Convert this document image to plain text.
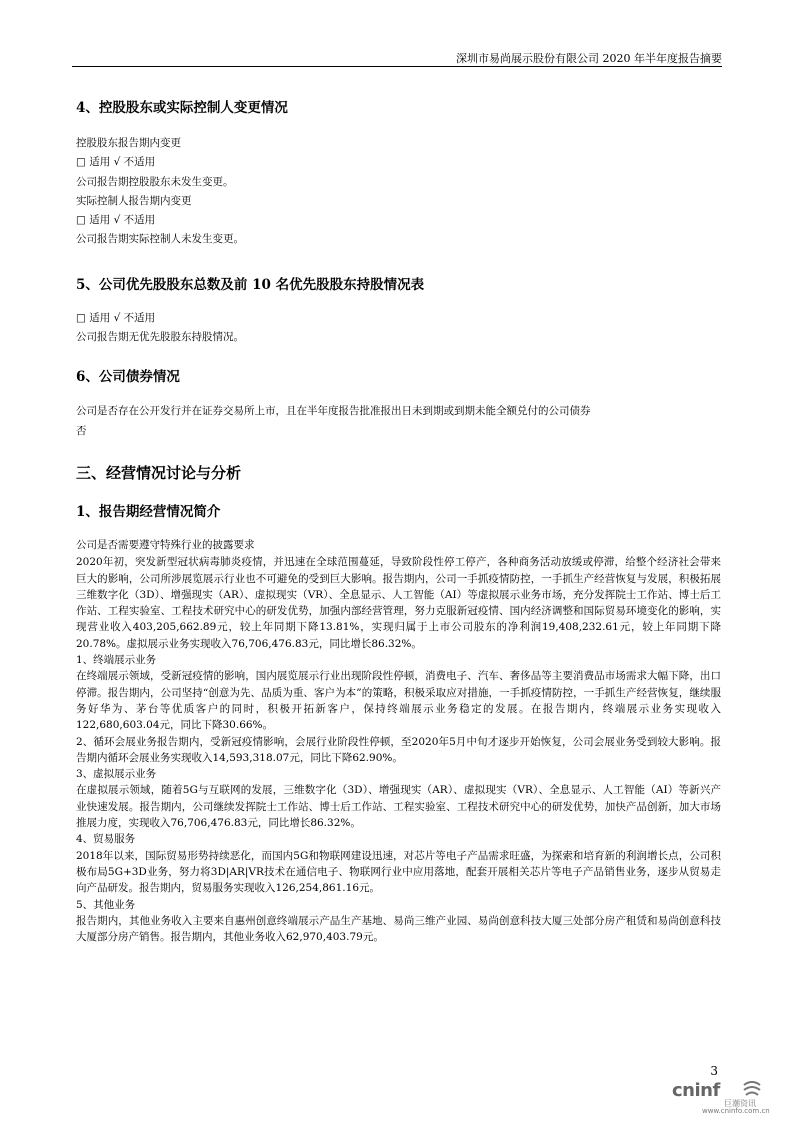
深圳市易尚展示股份有限公司 2020 年半年度报告摘要
4、控股股东或实际控制人变更情况
控股股东报告期内变更
□ 适用 √ 不适用
公司报告期控股股东未发生变更。
实际控制人报告期内变更
□ 适用 √ 不适用
公司报告期实际控制人未发生变更。
5、公司优先股股东总数及前 10 名优先股股东持股情况表
□ 适用 √ 不适用
公司报告期无优先股股东持股情况。
6、公司债券情况
公司是否存在公开发行并在证券交易所上市，且在半年度报告批准报出日未到期或到期未能全额兑付的公司债券
否
三、经营情况讨论与分析
1、报告期经营情况简介
公司是否需要遵守特殊行业的披露要求
2020年初，突发新型冠状病毒肺炎疫情，并迅速在全球范围蔓延，导致阶段性停工停产，各种商务活动放缓或停滞，给整个经济社会带来巨大的影响，公司所涉展览展示行业也不可避免的受到巨大影响。报告期内，公司一手抓疫情防控，一手抓生产经营恢复与发展，积极拓展三维数字化（3D）、增强现实（AR）、虚拟现实（VR）、全息显示、人工智能（AI）等虚拟展示业务市场，充分发挥院士工作站、博士后工作站、工程实验室、工程技术研究中心的研发优势，加强内部经营管理，努力克服新冠疫情、国内经济调整和国际贸易环境变化的影响，实现营业收入403,205,662.89元，较上年同期下降13.81%，实现归属于上市公司股东的净利润19,408,232.61元，较上年同期下降20.78%。虚拟展示业务实现收入76,706,476.83元，同比增长86.32%。
1、终端展示业务
在终端展示领域，受新冠疫情的影响，国内展览展示行业出现阶段性停顿，消费电子、汽车、奢侈品等主要消费品市场需求大幅下降，出口停滞。报告期内，公司坚持“创意为先、品质为重、客户为本”的策略，积极采取应对措施，一手抓疫情防控，一手抓生产经营恢复，继续服务好华为、茅台等优质客户的同时，积极开拓新客户，保持终端展示业务稳定的发展。在报告期内，终端展示业务实现收入122,680,603.04元，同比下降30.66%。
2、循环会展业务报告期内，受新冠疫情影响，会展行业阶段性停顿，至2020年5月中旬才逐步开始恢复，公司会展业务受到较大影响。报告期内循环会展业务实现收入14,593,318.07元，同比下降62.90%。
3、虚拟展示业务
在虚拟展示领域，随着5G与互联网的发展，三维数字化（3D）、增强现实（AR）、虚拟现实（VR）、全息显示、人工智能（AI）等新兴产业快速发展。报告期内，公司继续发挥院士工作站、博士后工作站、工程实验室、工程技术研究中心的研发优势，加快产品创新，加大市场推展力度，实现收入76,706,476.83元，同比增长86.32%。
4、贸易服务
2018年以来，国际贸易形势持续恶化，而国内5G和物联网建设迅速，对芯片等电子产品需求旺盛，为探索和培育新的利润增长点，公司积极布局5G+3D业务，努力将3D|AR|VR技术在通信电子、物联网行业中应用落地，配套开展相关芯片等电子产品销售业务，逐步从贸易走向产品研发。报告期内，贸易服务实现收入126,254,861.16元。
5、其他业务
报告期内，其他业务收入主要来自惠州创意终端展示产品生产基地、易尚三维产业园、易尚创意科技大厦三处部分房产租赁和易尚创意科技大厦部分房产销售。报告期内，其他业务收入62,970,403.79元。
3
cninf
巨潮资讯
www.cninfo.com.cn
